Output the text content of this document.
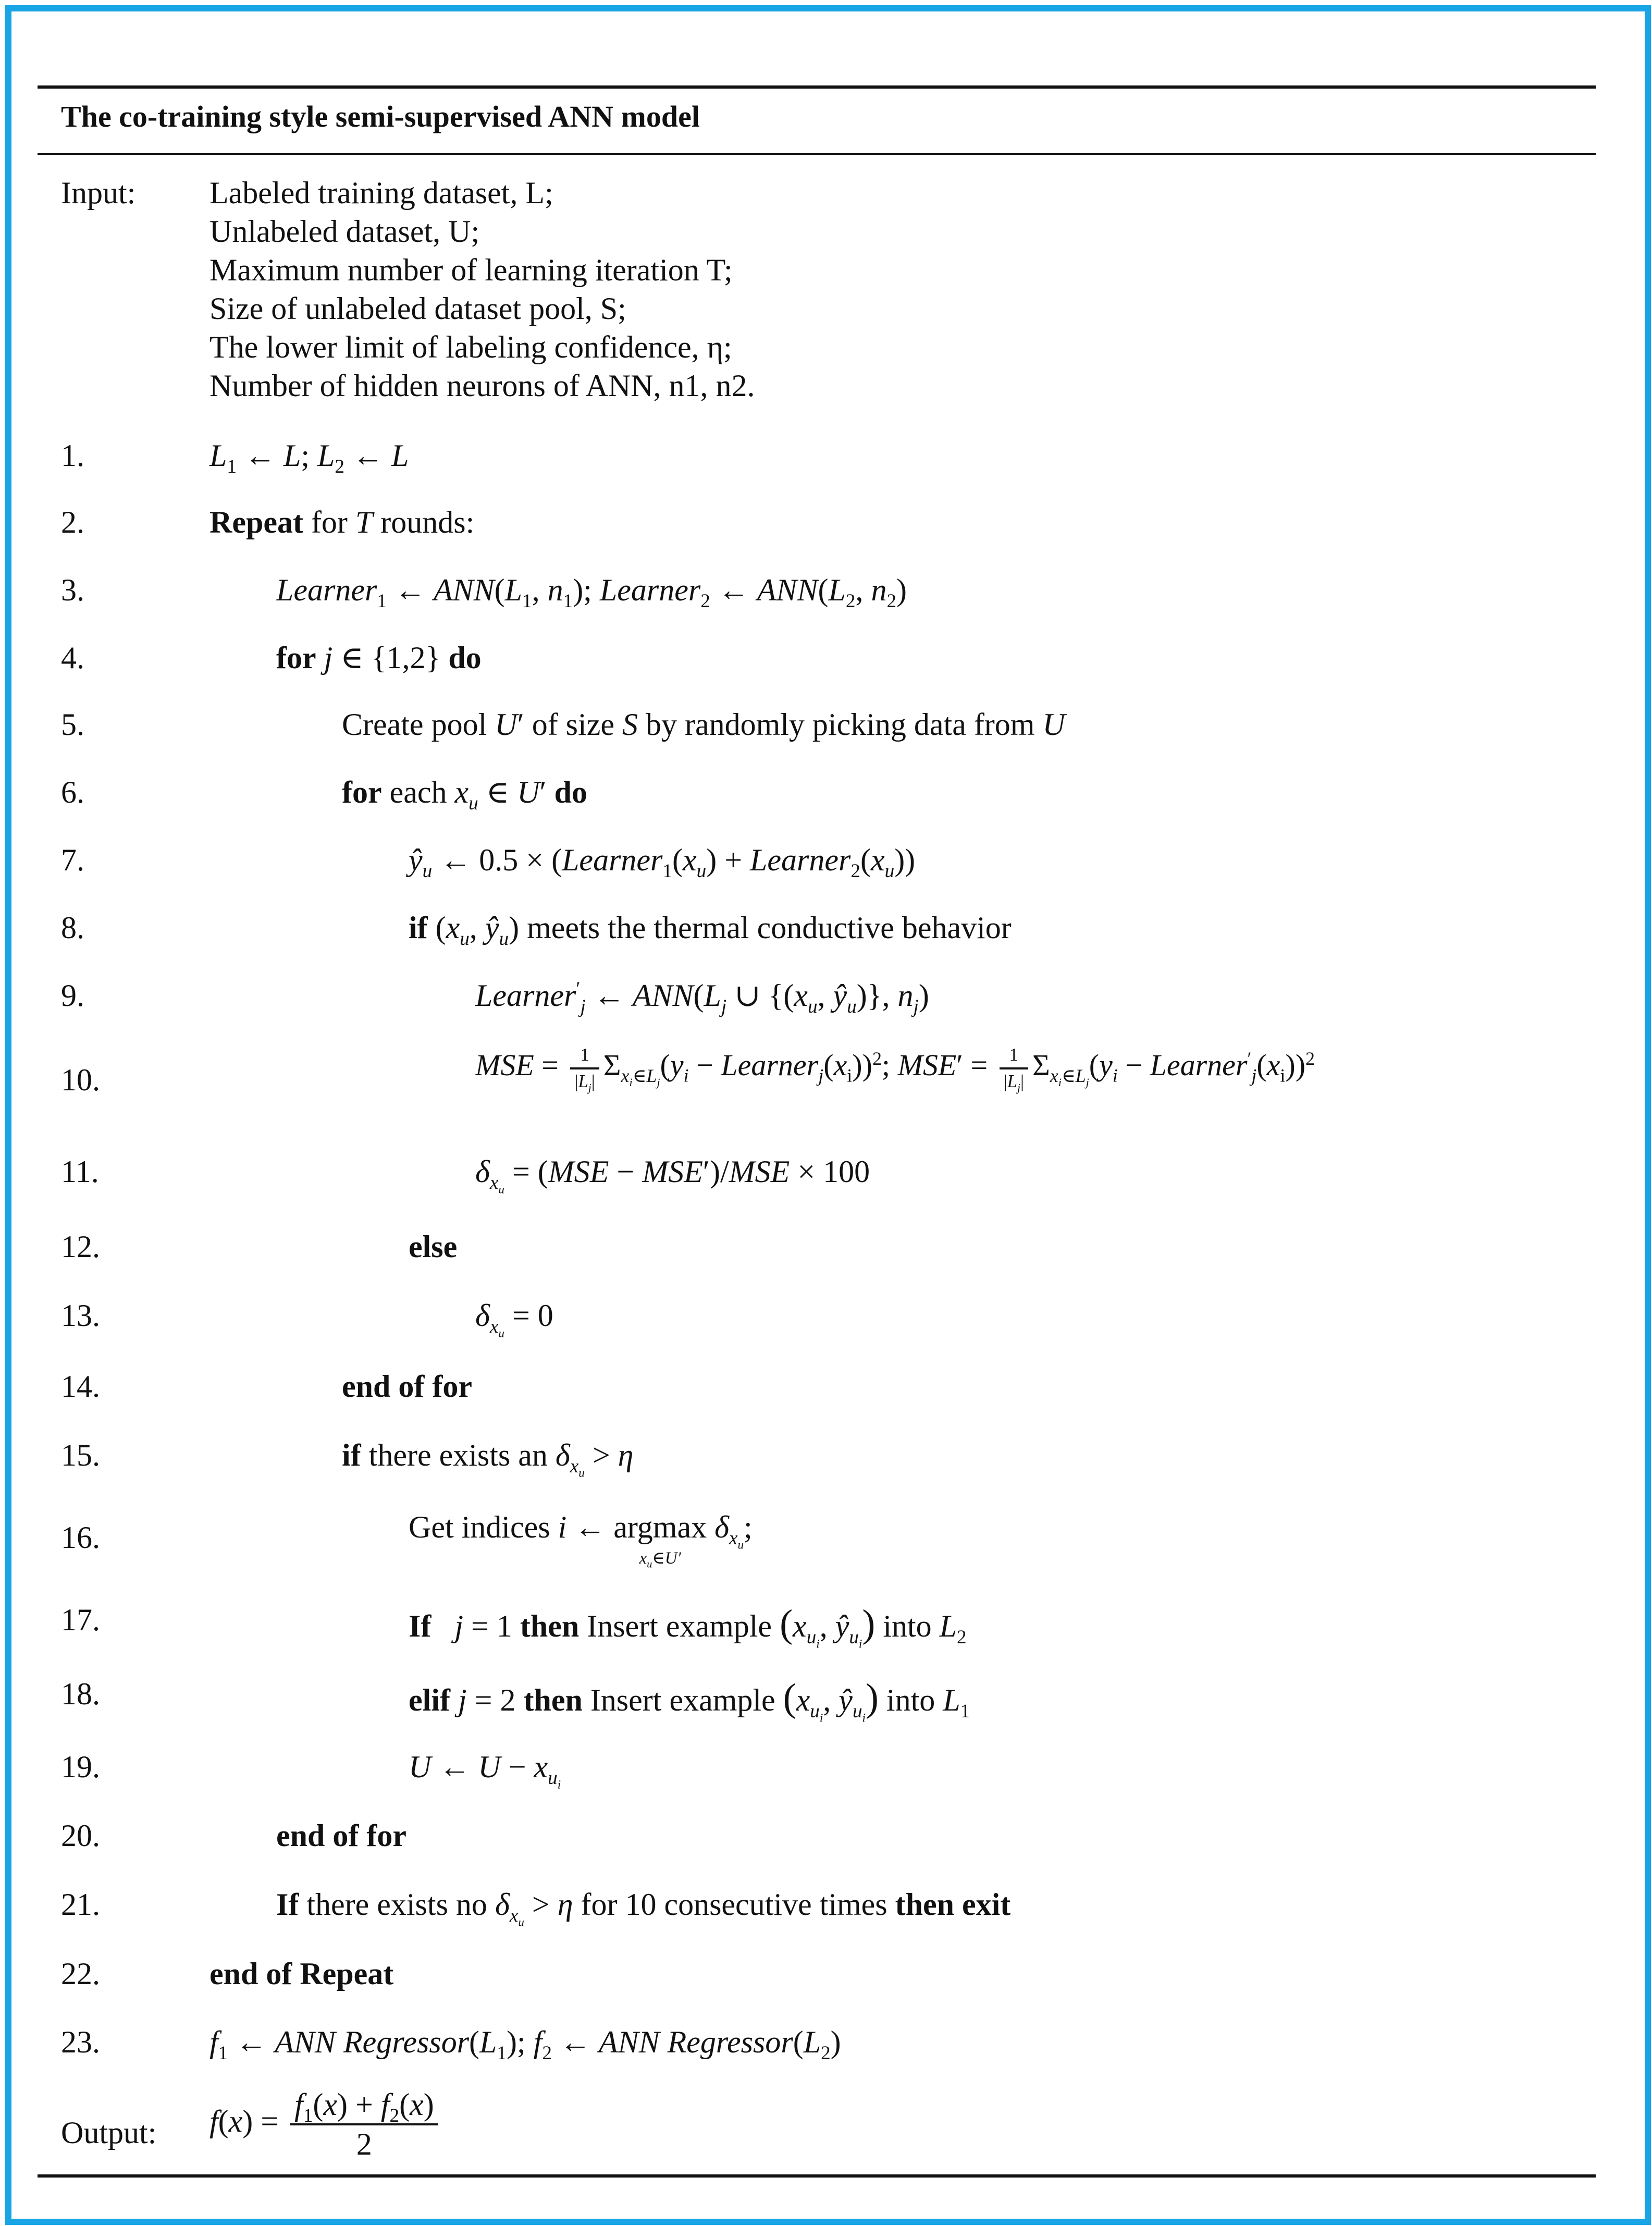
The co-training style semi-supervised ANN model
Input: Labeled training dataset, L;
Unlabeled dataset, U;
Maximum number of learning iteration T;
Size of unlabeled dataset pool, S;
The lower limit of labeling confidence, η;
Number of hidden neurons of ANN, n1, n2.
1.
2.
3.
4.
5.
6.
7.
8.
9.
10.
11.
12.
13.
14.
15.
16.
17.
18.
19.
20.
21.
22.
23.
$L_1$ ← L; $L_2$ ← L
Repeat for T rounds:
Learner$_1$ ← $ANN(L_1$, $n_1$); Learner$_2$ ← $ANN(L_2$, $n_2$)
for j ∈ {1,2} do
Create pool U′ of size S by randomly picking data from U
for each $x_u$ ∈ U′ do
$ŷ_u$ ← $0.5 \times (Learner_1(x_u)$ + $Learner_2(x_u)$)
if ($x_u$, $ŷ_u$) meets the thermal conductive behavior
Learner′$_j$ ← $ANN(L_j$ ∪ {($x_u$, $ŷ_u$)}, $n_j$)
MSE = $\frac{1}{|L_j|} \Sigma_{x_i\in L_j}(y_i$ − $Learner_j(x_i))^2$; $MSE' = \frac{1}{|L_j|} \Sigma_{x_i\in L_j}(y_i$ − $Learner'_j(x_i))^2$
$\delta_{x_u} = (MSE - MSE')/MSE \times 100$
else
$\delta_{x_u} = 0$
end of for
if there exists an $\delta_{x_u} > \eta$
Get indices i ← argmax
$x_u\in U'$
$\delta_{x_u}$;
If j = 1 then Insert example ($x_{u_i}$, $ŷ_{u_i}$) into $L_2$
elif j = 2 then Insert example ($x_{u_i}$, $ŷ_{u_i}$) into $L_1$
U ← $U - x_{u_i}$
end of for
If there exists no $\delta_{x_u} > \eta$ for 10 consecutive times then exit
end of Repeat
$f_1$ ← ANN $Regressor(L_1)$; $f_2$ ← ANN $Regressor(L_2)$
Output: $f(x) = \frac{f_1(x) + f_2(x)}{2}$
